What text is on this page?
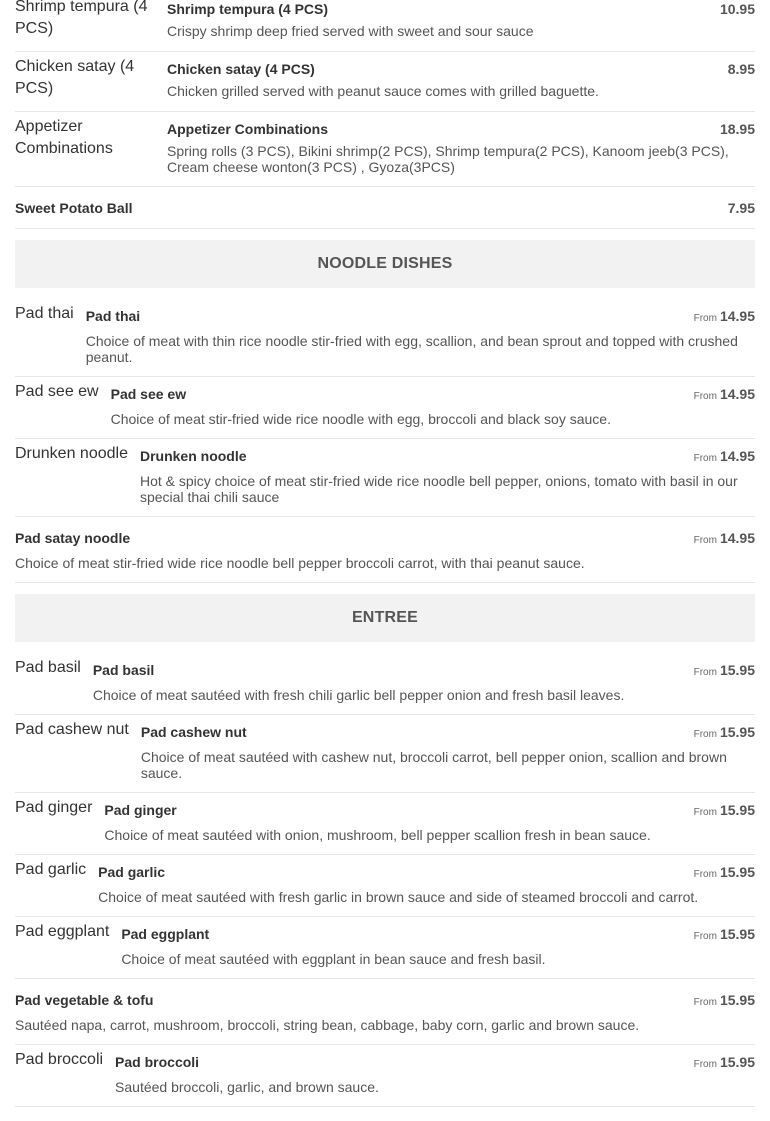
Shrimp tempura (4 PCS)
Shrimp tempura (4 PCS)	10.95
Crispy shrimp deep fried served with sweet and sour sauce
Chicken satay (4 PCS)
Chicken satay (4 PCS)	8.95
Chicken grilled served with peanut sauce comes with grilled baguette.
Appetizer Combinations
Appetizer Combinations	18.95
Spring rolls (3 PCS), Bikini shrimp(2 PCS), Shrimp tempura(2 PCS), Kanoom jeeb(3 PCS), Cream cheese wonton(3 PCS) , Gyoza(3PCS)
Sweet Potato Ball	7.95
NOODLE DISHES
Pad thai Pad thai	From 14.95
Choice of meat with thin rice noodle stir-fried with egg, scallion, and bean sprout and topped with crushed peanut.
Pad see ew Pad see ew	From 14.95
Choice of meat stir-fried wide rice noodle with egg, broccoli and black soy sauce.
Drunken noodle Drunken noodle	From 14.95
Hot & spicy choice of meat stir-fried wide rice noodle bell pepper, onions, tomato with basil in our special thai chili sauce
Pad satay noodle	From 14.95
Choice of meat stir-fried wide rice noodle bell pepper broccoli carrot, with thai peanut sauce.
ENTREE
Pad basil Pad basil	From 15.95
Choice of meat sautéed with fresh chili garlic bell pepper onion and fresh basil leaves.
Pad cashew nut Pad cashew nut	From 15.95
Choice of meat sautéed with cashew nut, broccoli carrot, bell pepper onion, scallion and brown sauce.
Pad ginger Pad ginger	From 15.95
Choice of meat sautéed with onion, mushroom, bell pepper scallion fresh in bean sauce.
Pad garlic Pad garlic	From 15.95
Choice of meat sautéed with fresh garlic in brown sauce and side of steamed broccoli and carrot.
Pad eggplant Pad eggplant	From 15.95
Choice of meat sautéed with eggplant in bean sauce and fresh basil.
Pad vegetable & tofu	From 15.95
Sautéed napa, carrot, mushroom, broccoli, string bean, cabbage, baby corn, garlic and brown sauce.
Pad broccoli Pad broccoli	From 15.95
Sautéed broccoli, garlic, and brown sauce.
